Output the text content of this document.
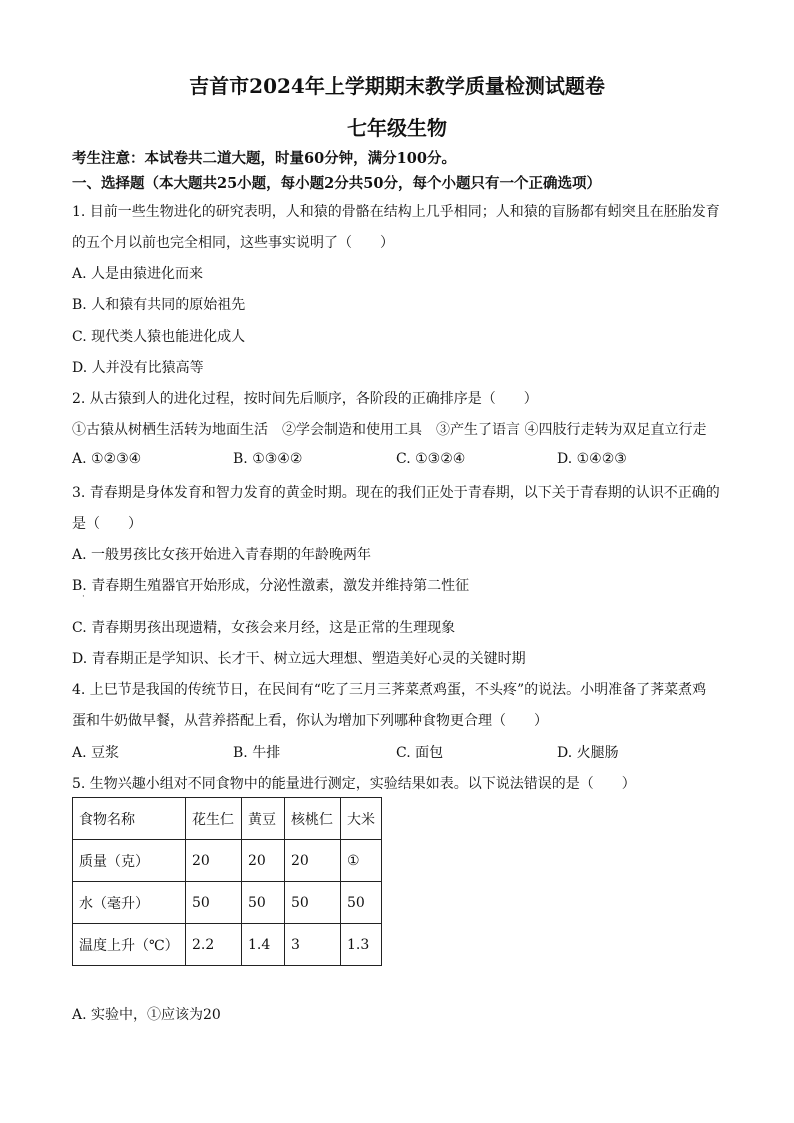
吉首市2024年上学期期末教学质量检测试题卷
七年级生物
考生注意：本试卷共二道大题，时量60分钟，满分100分。
一、选择题（本大题共25小题，每小题2分共50分，每个小题只有一个正确选项）
1. 目前一些生物进化的研究表明，人和猿的骨骼在结构上几乎相同；人和猿的盲肠都有蚓突且在胚胎发育
的五个月以前也完全相同，这些事实说明了（　　）
A. 人是由猿进化而来
B. 人和猿有共同的原始祖先
C. 现代类人猿也能进化成人
D. 人并没有比猿高等
2. 从古猿到人的进化过程，按时间先后顺序，各阶段的正确排序是（　　）
①古猿从树栖生活转为地面生活　②学会制造和使用工具　③产生了语言 ④四肢行走转为双足直立行走
A. ①②③④	B. ①③④②	C. ①③②④	D. ①④②③
3. 青春期是身体发育和智力发育的黄金时期。现在的我们正处于青春期，以下关于青春期的认识不正确的
是（　　）
A. 一般男孩比女孩开始进入青春期的年龄晚两年
B. 青春期生殖器官开始形成，分泌性激素，激发并维持第二性征
·
C. 青春期男孩出现遗精，女孩会来月经，这是正常的生理现象
D. 青春期正是学知识、长才干、树立远大理想、塑造美好心灵的关键时期
4. 上巳节是我国的传统节日，在民间有“吃了三月三荠菜煮鸡蛋，不头疼”的说法。小明准备了荠菜煮鸡
蛋和牛奶做早餐，从营养搭配上看，你认为增加下列哪种食物更合理（　　）
A. 豆浆	B. 牛排	C. 面包	D. 火腿肠
5. 生物兴趣小组对不同食物中的能量进行测定，实验结果如表。以下说法错误的是（　　）
食物名称	花生仁	黄豆	核桃仁	大米
质量（克）	20	20	20	①
水（毫升）	50	50	50	50
温度上升（℃）	2.2	1.4	3	1.3
A. 实验中，①应该为20
